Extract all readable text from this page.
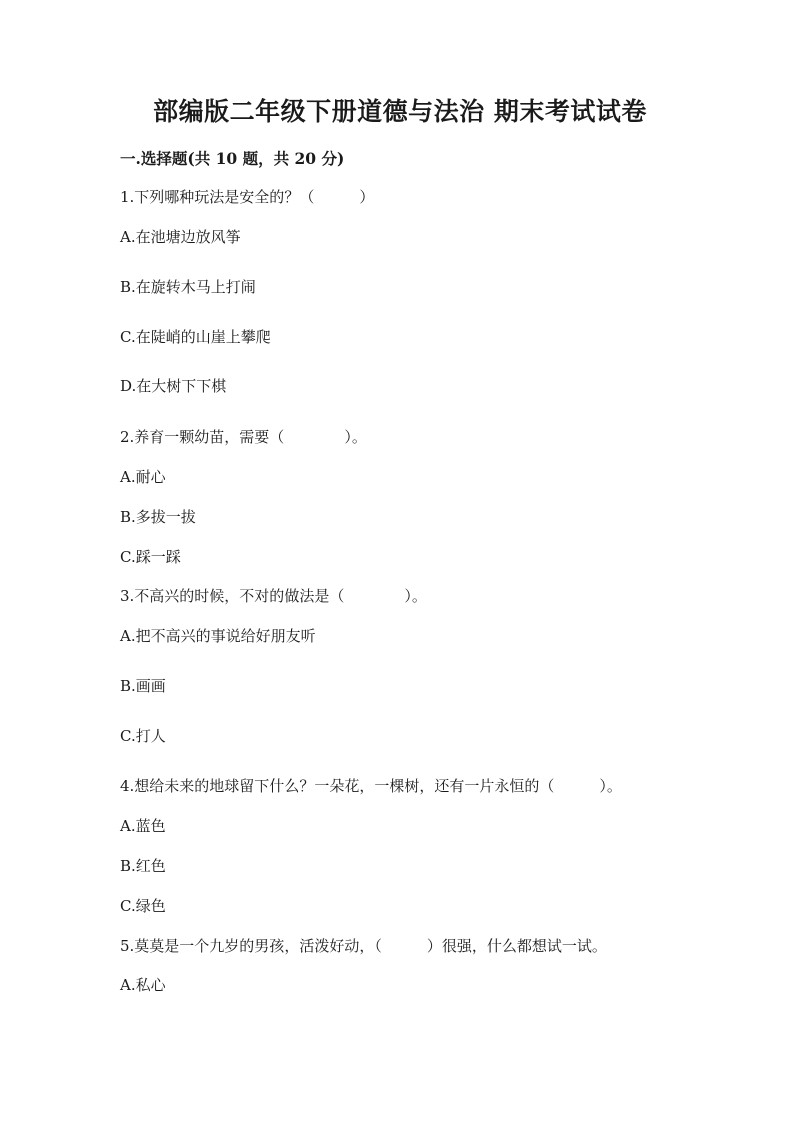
部编版二年级下册道德与法治 期末考试试卷
一.选择题(共 10 题，共 20 分)
1.下列哪种玩法是安全的？（　　　）
A.在池塘边放风筝
B.在旋转木马上打闹
C.在陡峭的山崖上攀爬
D.在大树下下棋
2.养育一颗幼苗，需要（　　　　）。
A.耐心
B.多拔一拔
C.踩一踩
3.不高兴的时候，不对的做法是（　　　　）。
A.把不高兴的事说给好朋友听
B.画画
C.打人
4.想给未来的地球留下什么？一朵花，一棵树，还有一片永恒的（　　　）。
A.蓝色
B.红色
C.绿色
5.莫莫是一个九岁的男孩，活泼好动，（　　　）很强，什么都想试一试。
A.私心
